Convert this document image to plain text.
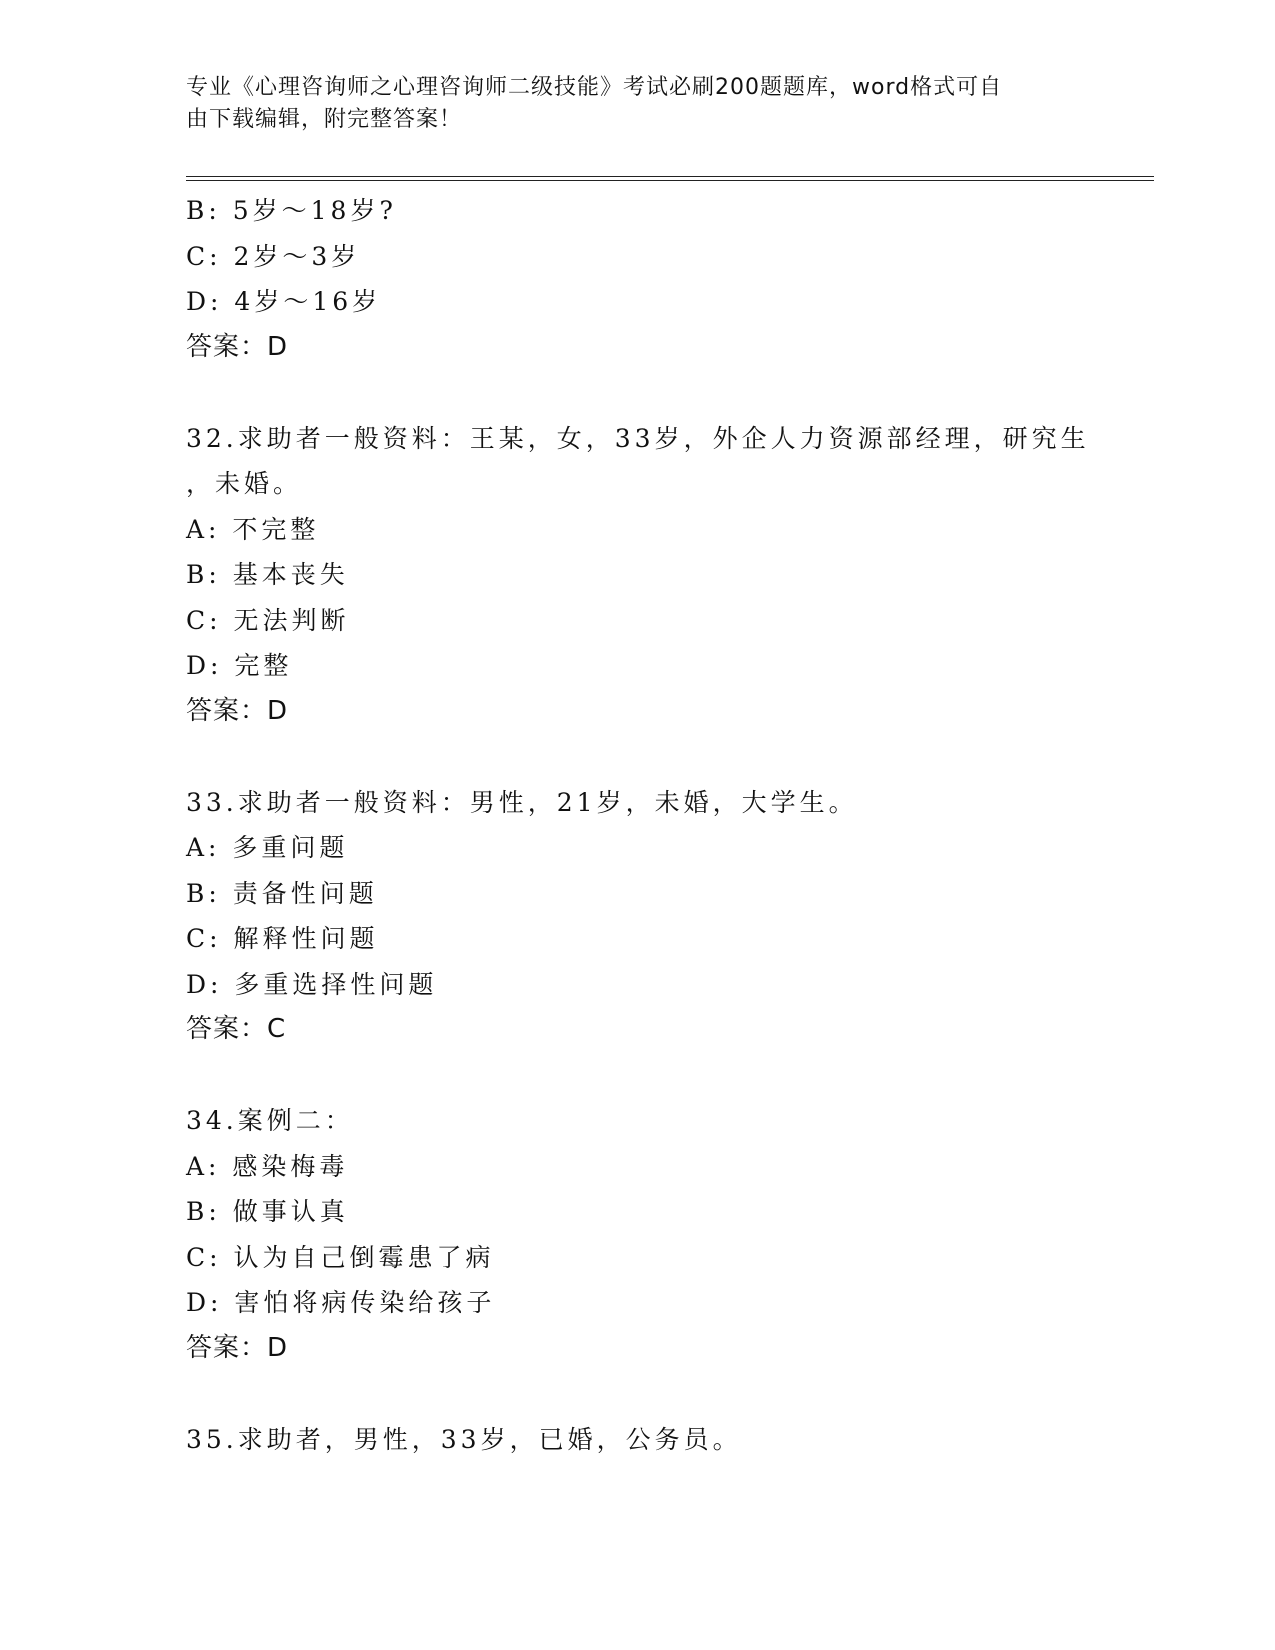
专业《心理咨询师之心理咨询师二级技能》考试必刷200题题库，word格式可自
由下载编辑，附完整答案！
B: 5岁～18岁?
C: 2岁～3岁
D: 4岁～16岁
答案：D
32.求助者一般资料：王某，女，33岁，外企人力资源部经理，研究生
，未婚。
A: 不完整
B: 基本丧失
C: 无法判断
D: 完整
答案：D
33.求助者一般资料：男性，21岁，未婚，大学生。
A: 多重问题
B: 责备性问题
C: 解释性问题
D: 多重选择性问题
答案：C
34.案例二：
A: 感染梅毒
B: 做事认真
C: 认为自己倒霉患了病
D: 害怕将病传染给孩子
答案：D
35.求助者，男性，33岁，已婚，公务员。
